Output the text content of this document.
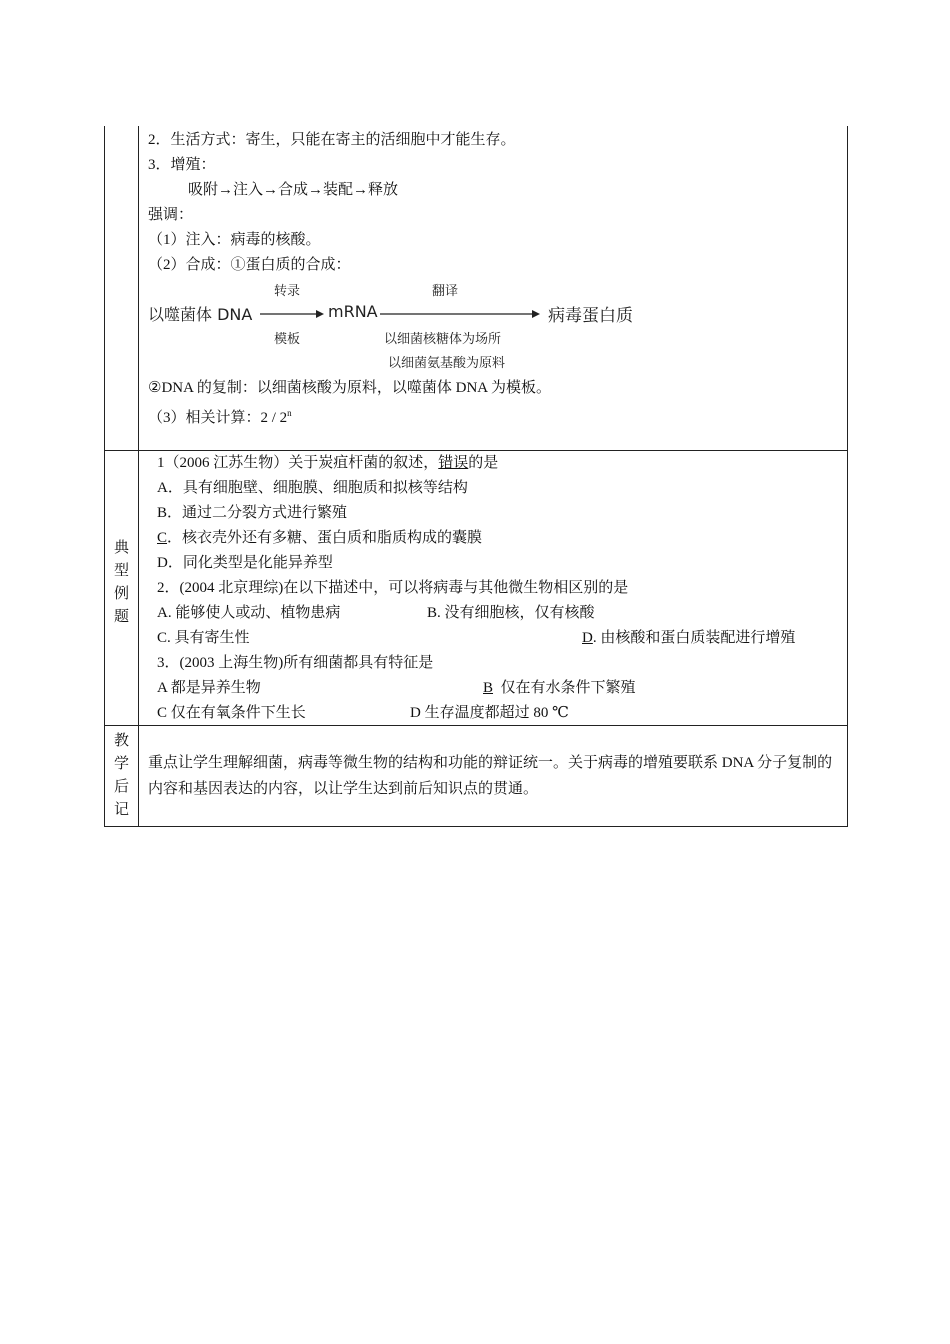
2．生活方式：寄生，只能在寄主的活细胞中才能生存。
3．增殖：
吸附→注入→合成→装配→释放
强调：
（1）注入：病毒的核酸。
（2）合成：①蛋白质的合成：
转录	翻译
以噬菌体 DNA	mRNA	病毒蛋白质
模板	以细菌核糖体为场所
以细菌氨基酸为原料
②DNA 的复制：以细菌核酸为原料，以噬菌体 DNA 为模板。
（3）相关计算：2 / 2$^n$
典
型
例
题
1（2006 江苏生物）关于炭疽杆菌的叙述，错误的是
A．具有细胞壁、细胞膜、细胞质和拟核等结构
B．通过二分裂方式进行繁殖
C．核衣壳外还有多糖、蛋白质和脂质构成的囊膜
D．同化类型是化能异养型
2．(2004 北京理综)在以下描述中，可以将病毒与其他微生物相区别的是
A. 能够使人或动、植物患病	B. 没有细胞核，仅有核酸
C. 具有寄生性	D. 由核酸和蛋白质装配进行增殖
3．(2003 上海生物)所有细菌都具有特征是
A 都是异养生物	B  仅在有水条件下繁殖
C 仅在有氧条件下生长	D 生存温度都超过 80 ℃
教
学
后
记
重点让学生理解细菌，病毒等微生物的结构和功能的辩证统一。关于病毒的增殖要联系 DNA 分子复制的内容和基因表达的内容，以让学生达到前后知识点的贯通。
